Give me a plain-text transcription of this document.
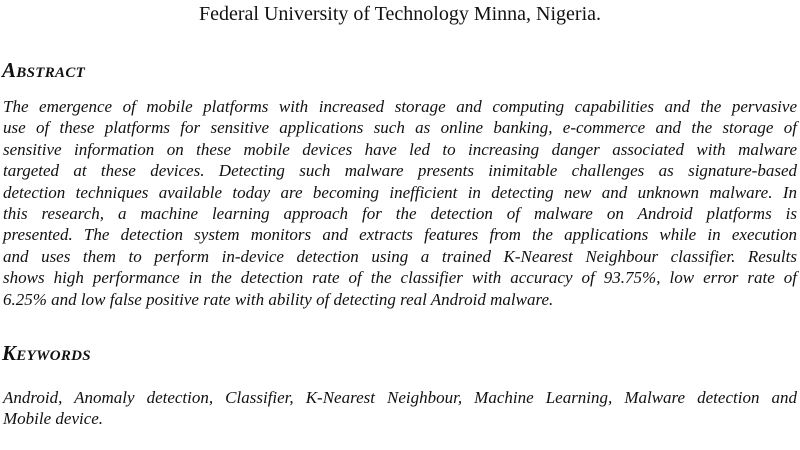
Federal University of Technology Minna, Nigeria.
Abstract
The emergence of mobile platforms with increased storage and computing capabilities and the pervasive
use of these platforms for sensitive applications such as online banking, e-commerce and the storage of
sensitive information on these mobile devices have led to increasing danger associated with malware
targeted at these devices. Detecting such malware presents inimitable challenges as signature-based
detection techniques available today are becoming inefficient in detecting new and unknown malware. In
this research, a machine learning approach for the detection of malware on Android platforms is
presented. The detection system monitors and extracts features from the applications while in execution
and uses them to perform in-device detection using a trained K-Nearest Neighbour classifier. Results
shows high performance in the detection rate of the classifier with accuracy of 93.75%, low error rate of
6.25% and low false positive rate with ability of detecting real Android malware.
Keywords
Android, Anomaly detection, Classifier, K-Nearest Neighbour, Machine Learning, Malware detection and
Mobile device.
